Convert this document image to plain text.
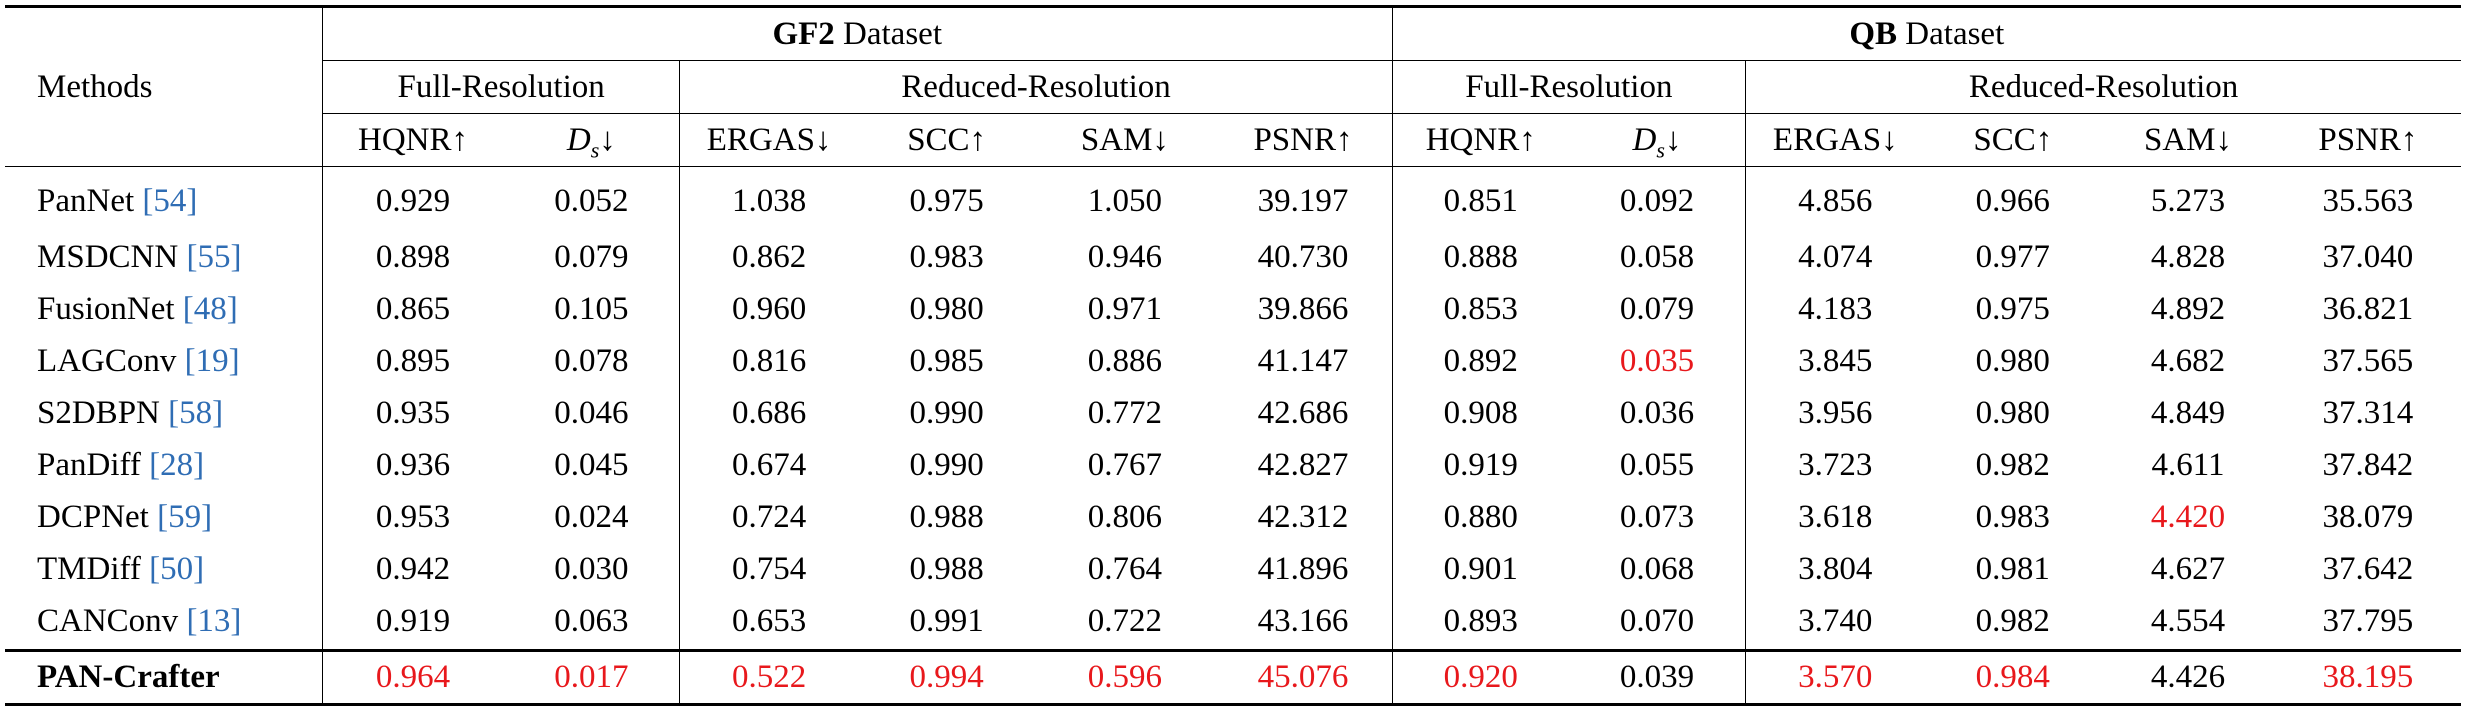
Methods	GF2 Dataset						QB Dataset					
	Full-Resolution		Reduced-Resolution				Full-Resolution		Reduced-Resolution			
	HQNR↑	$D_s↓$	ERGAS↓	SCC↑	SAM↓	PSNR↑	HQNR↑	$D_s↓$	ERGAS↓	SCC↑	SAM↓	PSNR↑
PanNet [54]	0.929	0.052	1.038	0.975	1.050	39.197	0.851	0.092	4.856	0.966	5.273	35.563
MSDCNN [55]	0.898	0.079	0.862	0.983	0.946	40.730	0.888	0.058	4.074	0.977	4.828	37.040
FusionNet [48]	0.865	0.105	0.960	0.980	0.971	39.866	0.853	0.079	4.183	0.975	4.892	36.821
LAGConv [19]	0.895	0.078	0.816	0.985	0.886	41.147	0.892	0.035	3.845	0.980	4.682	37.565
S2DBPN [58]	0.935	0.046	0.686	0.990	0.772	42.686	0.908	0.036	3.956	0.980	4.849	37.314
PanDiff [28]	0.936	0.045	0.674	0.990	0.767	42.827	0.919	0.055	3.723	0.982	4.611	37.842
DCPNet [59]	0.953	0.024	0.724	0.988	0.806	42.312	0.880	0.073	3.618	0.983	4.420	38.079
TMDiff [50]	0.942	0.030	0.754	0.988	0.764	41.896	0.901	0.068	3.804	0.981	4.627	37.642
CANConv [13]	0.919	0.063	0.653	0.991	0.722	43.166	0.893	0.070	3.740	0.982	4.554	37.795
PAN-Crafter	0.964	0.017	0.522	0.994	0.596	45.076	0.920	0.039	3.570	0.984	4.426	38.195
